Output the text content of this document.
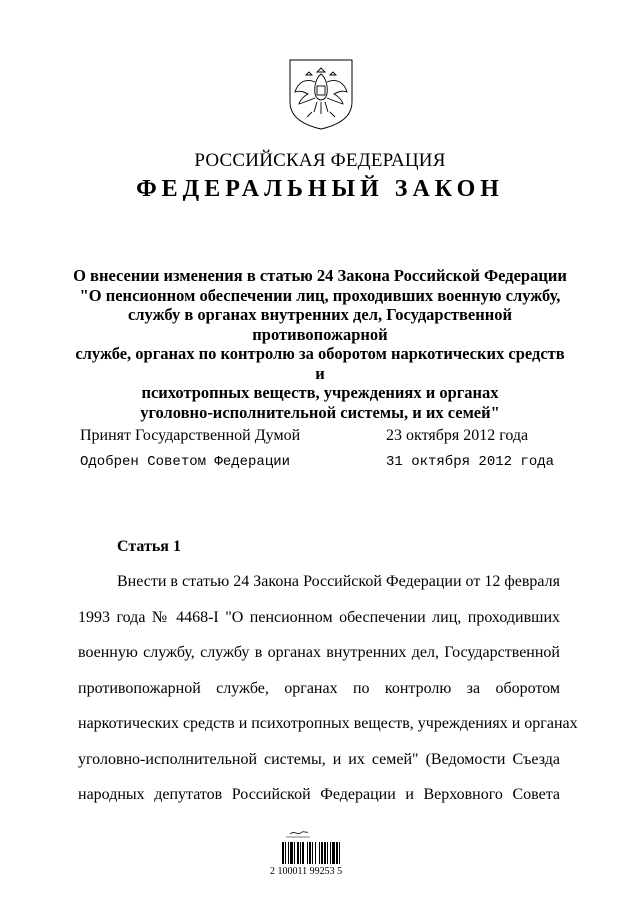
РОССИЙСКАЯ ФЕДЕРАЦИЯ
ФЕДЕРАЛЬНЫЙ ЗАКОН
О внесении изменения в статью 24 Закона Российской Федерации
"О пенсионном обеспечении лиц, проходивших военную службу,
службу в органах внутренних дел, Государственной противопожарной
службе, органах по контролю за оборотом наркотических средств и
психотропных веществ, учреждениях и органах
уголовно-исполнительной системы, и их семей"
Принят Государственной Думой	23 октября 2012 года
Одобрен Советом Федерации	31 октября 2012 года
Статья 1
Внести в статью 24 Закона Российской Федерации от 12 февраля
1993 года № 4468-I "О пенсионном обеспечении лиц, проходивших
военную службу, службу в органах внутренних дел, Государственной
противопожарной службе, органах по контролю за оборотом
наркотических средств и психотропных веществ, учреждениях и органах
уголовно-исполнительной системы, и их семей" (Ведомости Съезда
народных депутатов Российской Федерации и Верховного Совета
2 100011 99253 5
